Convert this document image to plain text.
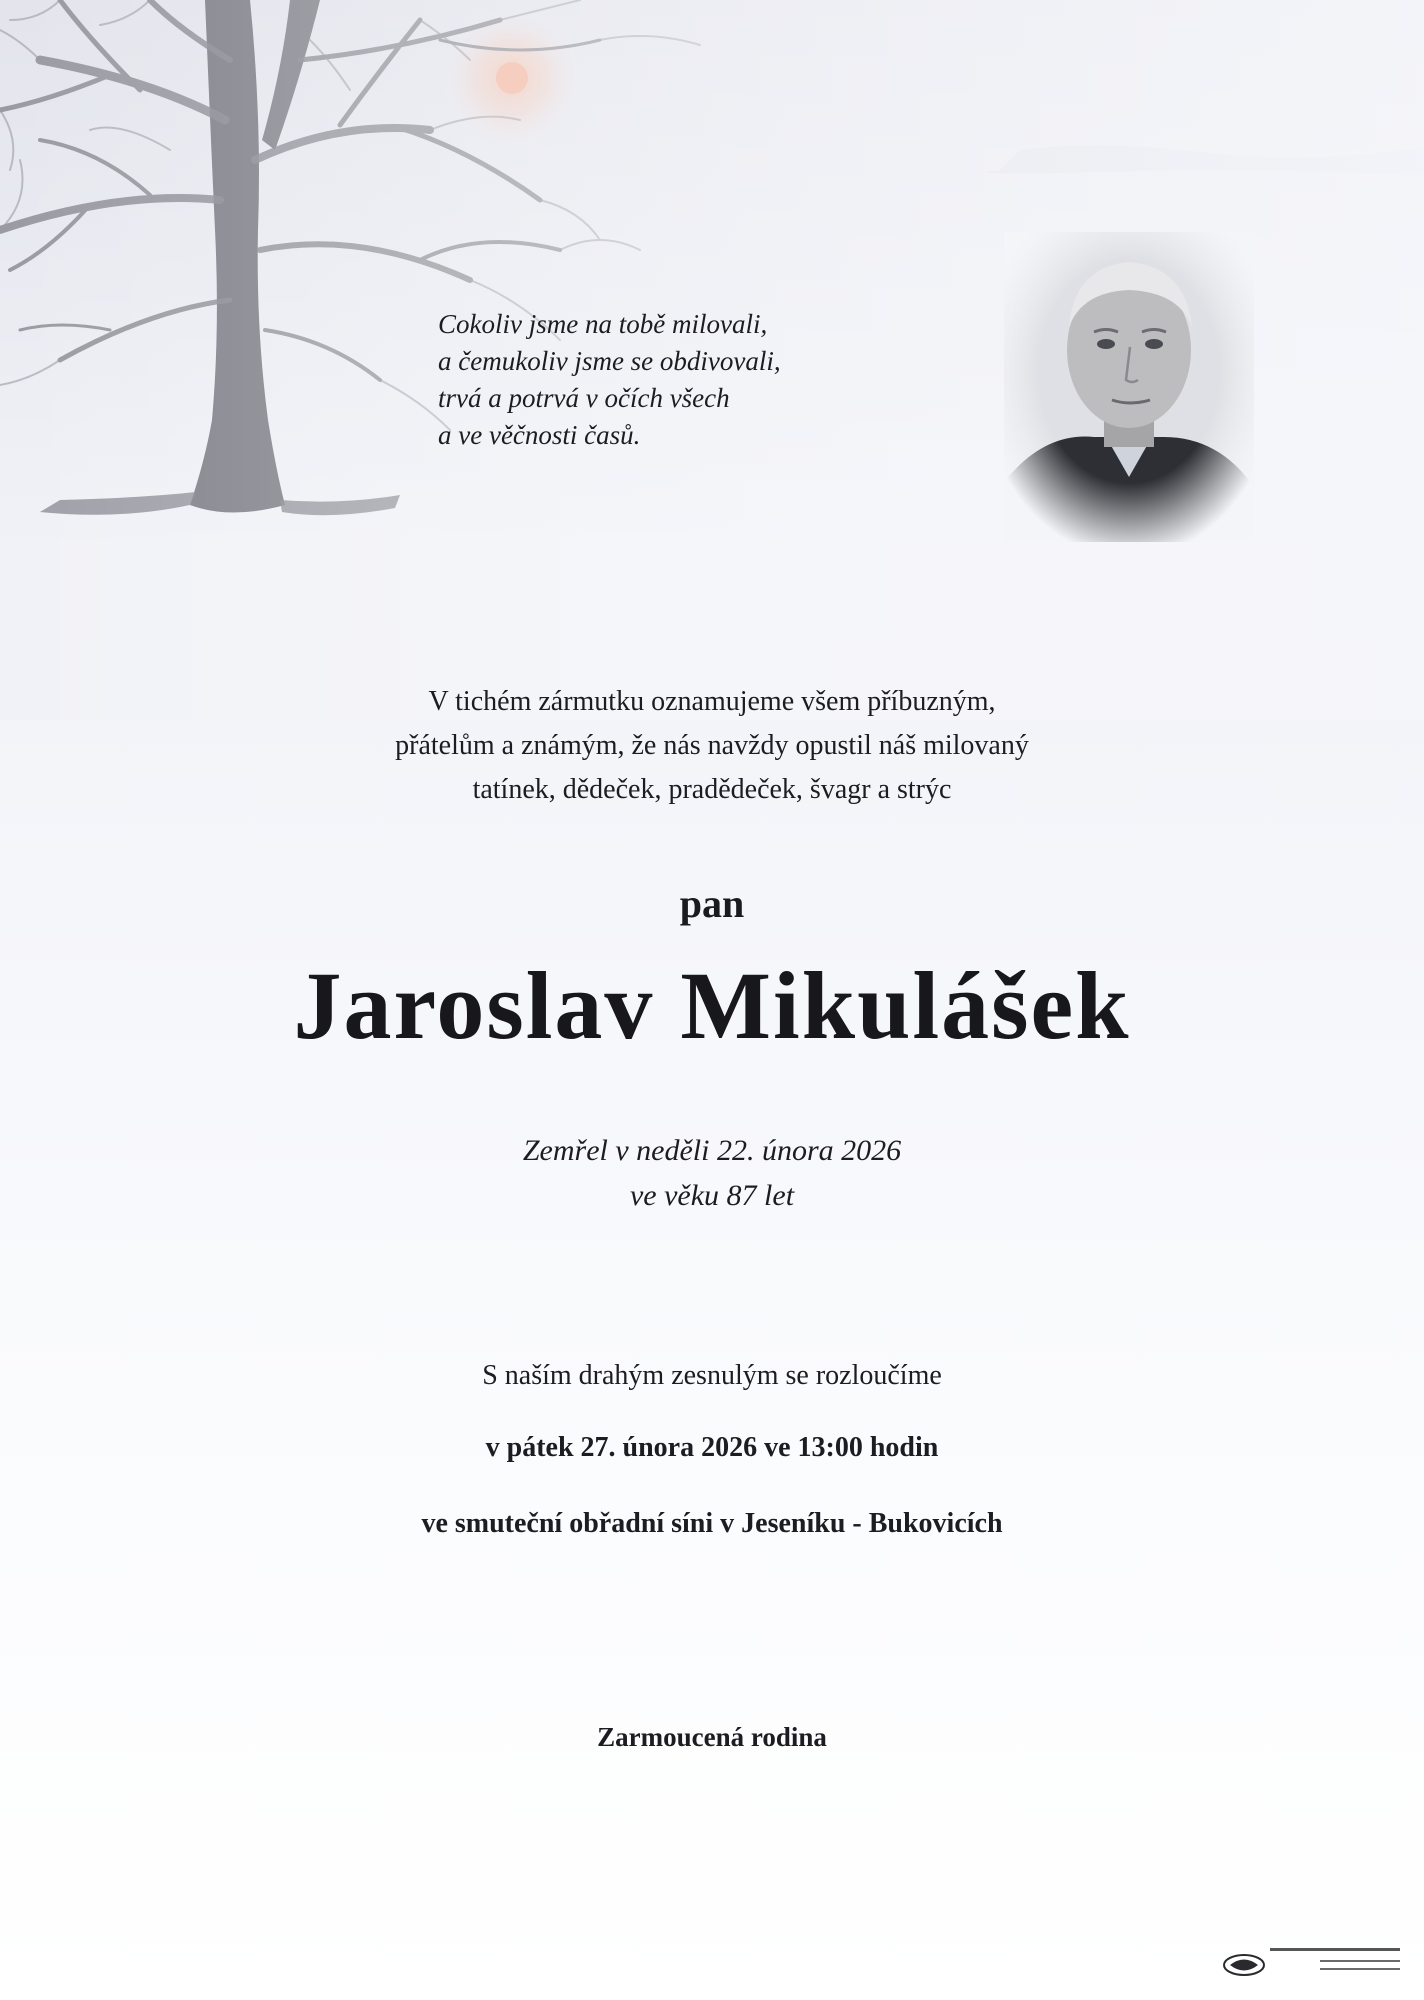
Cokoliv jsme na tobě milovali,
a čemukoliv jsme se obdivovali,
trvá a potrvá v očích všech
a ve věčnosti časů.
V tichém zármutku oznamujeme všem příbuzným,
přátelům a známým, že nás navždy opustil náš milovaný
tatínek, dědeček, pradědeček, švagr a strýc
pan
Jaroslav Mikulášek
Zemřel v neděli 22. února 2026
ve věku 87 let
S naším drahým zesnulým se rozloučíme
v pátek 27. února 2026 ve 13:00 hodin
ve smuteční obřadní síni v Jeseníku - Bukovicích
Zarmoucená rodina
